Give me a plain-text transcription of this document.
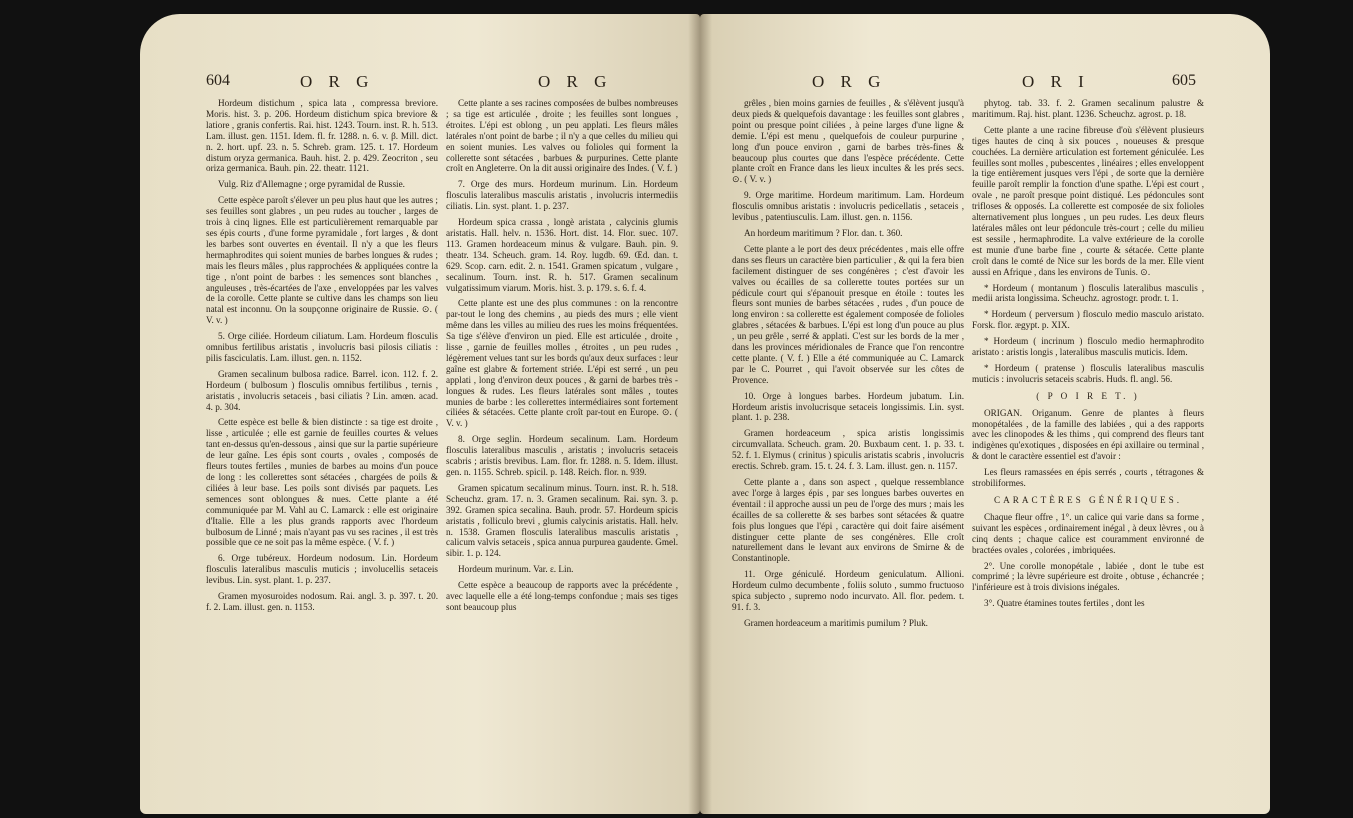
604	O R G	O R G

Hordeum distichum , spica lata , compressa breviore. Moris. hist. 3. p. 206. Hordeum distichum spica breviore & latiore , granis confertis. Rai. hist. 1243. Tourn. inst. R. h. 513. Lam. illust. gen. 1151. Idem. fl. fr. 1288. n. 6. v. β. Mill. dict. n. 2. hort. upf. 23. n. 5. Schreb. gram. 125. t. 17. Hordeum distum oryza germanica. Bauh. hist. 2. p. 429. Zeocriton , seu oriza germanica. Bauh. pin. 22. theatr. 1121.

Vulg. Riz d'Allemagne ; orge pyramidal de Russie.

Cette espèce paroît s'élever un peu plus haut que les autres ; ses feuilles sont glabres , un peu rudes au toucher , larges de trois à cinq lignes. Elle est particulièrement remarquable par ses épis courts , d'une forme pyramidale , fort larges , & dont les barbes sont ouvertes en éventail. Il n'y a que les fleurs hermaphrodites qui soient munies de barbes longues & rudes ; mais les fleurs mâles , plus rapprochées & appliquées contre la tige , n'ont point de barbes : les semences sont blanches , anguleuses , très-écartées de l'axe , enveloppées par les valves de la corolle. Cette plante se cultive dans les champs son lieu natal est inconnu. On la soupçonne originaire de Russie. ⊙. ( V. v. )

5. Orge ciliée. Hordeum ciliatum. Lam. Hordeum flosculis omnibus fertilibus aristatis , involucris basi pilosis ciliatis : pilis fasciculatis. Lam. illust. gen. n. 1152.

Gramen secalinum bulbosa radice. Barrel. icon. 112. f. 2. Hordeum ( bulbosum ) flosculis omnibus fertilibus , ternis , aristatis , involucris setaceis , basi ciliatis ? Lin. amœn. acad. 4. p. 304.

Cette espèce est belle & bien distincte : sa tige est droite , lisse , articulée ; elle est garnie de feuilles courtes & velues tant en-dessus qu'en-dessous , ainsi que sur la partie supérieure de leur gaîne. Les épis sont courts , ovales , composés de fleurs toutes fertiles , munies de barbes au moins d'un pouce de long : les collerettes sont sétacées , chargées de poils & ciliées à leur base. Les poils sont divisés par paquets. Les semences sont oblongues & nues. Cette plante a été communiquée par M. Vahl au C. Lamarck : elle est originaire d'Italie. Elle a les plus grands rapports avec l'hordeum bulbosum de Linné ; mais n'ayant pas vu ses racines , il est très possible que ce ne soit pas la même espèce. ( V. f. )

6. Orge tubéreux. Hordeum nodosum. Lin. Hordeum flosculis lateralibus masculis muticis ; involucellis setaceis levibus. Lin. syst. plant. 1. p. 237.

Gramen myosuroides nodosum. Rai. angl. 3. p. 397. t. 20. f. 2. Lam. illust. gen. n. 1153.

Cette plante a ses racines composées de bulbes nombreuses ; sa tige est articulée , droite ; les feuilles sont longues , étroites. L'épi est oblong , un peu applati. Les fleurs mâles latérales n'ont point de barbe ; il n'y a que celles du milieu qui en soient munies. Les valves ou folioles qui forment la collerette sont sétacées , barbues & purpurines. Cette plante croît en Angleterre. On la dit aussi originaire des Indes. ( V. f. )

7. Orge des murs. Hordeum murinum. Lin. Hordeum flosculis lateralibus masculis aristatis , involucris intermediis ciliatis. Lin. syst. plant. 1. p. 237.

Hordeum spica crassa , longè aristata , calycinis glumis aristatis. Hall. helv. n. 1536. Hort. dist. 14. Flor. suec. 107. 113. Gramen hordeaceum minus & vulgare. Bauh. pin. 9. theatr. 134. Scheuch. gram. 14. Roy. lugdb. 69. Œd. dan. t. 629. Scop. carn. edit. 2. n. 1541. Gramen spicatum , vulgare , secalinum. Tourn. inst. R. h. 517. Gramen secalinum vulgatissimum viarum. Moris. hist. 3. p. 179. s. 6. f. 4.

Cette plante est une des plus communes : on la rencontre par-tout le long des chemins , au pieds des murs ; elle vient même dans les villes au milieu des rues les moins fréquentées. Sa tige s'élève d'environ un pied. Elle est articulée , droite , lisse , garnie de feuilles molles , étroites , un peu rudes , légèrement velues tant sur les bords qu'aux deux surfaces : leur gaîne est glabre & fortement striée. L'épi est serré , un peu applati , long d'environ deux pouces , & garni de barbes très - longues & rudes. Les fleurs latérales sont mâles , toutes munies de barbe : les collerettes intermédiaires sont fortement ciliées & sétacées. Cette plante croît par-tout en Europe. ⊙. ( V. v. )

8. Orge seglin. Hordeum secalinum. Lam. Hordeum flosculis lateralibus masculis , aristatis ; involucris setaceis scabris ; aristis brevibus. Lam. flor. fr. 1288. n. 5. Idem. illust. gen. n. 1155. Schreb. spicil. p. 148. Reich. flor. n. 939.

Gramen spicatum secalinum minus. Tourn. inst. R. h. 518. Scheuchz. gram. 17. n. 3. Gramen secalinum. Rai. syn. 3. p. 392. Gramen spica secalina. Bauh. prodr. 57. Hordeum spicis aristatis , folliculo brevi , glumis calycinis aristatis. Hall. helv. n. 1538. Gramen flosculis lateralibus masculis aristatis , calicum valvis setaceis , spica annua purpurea gaudente. Gmel. sibir. 1. p. 124.

Hordeum murinum. Var. ε. Lin.

Cette espèce a beaucoup de rapports avec la précédente , avec laquelle elle a été long-temps confondue ; mais ses tiges sont beaucoup plus

O R G	O R I	605

grêles , bien moins garnies de feuilles , & s'élèvent jusqu'à deux pieds & quelquefois davantage : les feuilles sont glabres , point ou presque point ciliées , à peine larges d'une ligne & demie. L'épi est menu , quelquefois de couleur purpurine , long d'un pouce environ , garni de barbes très-fines & beaucoup plus courtes que dans l'espèce précédente. Cette plante croît en France dans les lieux incultes & les prés secs. ⊙. ( V. v. )

9. Orge maritime. Hordeum maritimum. Lam. Hordeum flosculis omnibus aristatis : involucris pedicellatis , setaceis , levibus , patentiusculis. Lam. illust. gen. n. 1156.

An hordeum maritimum ? Flor. dan. t. 360.

Cette plante a le port des deux précédentes , mais elle offre dans ses fleurs un caractère bien particulier , & qui la fera bien facilement distinguer de ses congénères ; c'est d'avoir les valves ou écailles de sa collerette toutes portées sur un pédicule court qui s'épanouit presque en étoile : toutes les fleurs sont munies de barbes sétacées , rudes , d'un pouce de long environ : sa collerette est également composée de folioles glabres , sétacées & barbues. L'épi est long d'un pouce au plus , un peu grêle , serré & applati. C'est sur les bords de la mer , dans les provinces méridionales de France que l'on rencontre cette plante. ( V. f. ) Elle a été communiquée au C. Lamarck par le C. Pourret , qui l'avoit observée sur les côtes de Provence.

10. Orge à longues barbes. Hordeum jubatum. Lin. Hordeum aristis involucrisque setaceis longissimis. Lin. syst. plant. 1. p. 238.

Gramen hordeaceum , spica aristis longissimis circumvallata. Scheuch. gram. 20. Buxbaum cent. 1. p. 33. t. 52. f. 1. Elymus ( crinitus ) spiculis aristatis scabris , involucris erectis. Schreb. gram. 15. t. 24. f. 3. Lam. illust. gen. n. 1157.

Cette plante a , dans son aspect , quelque ressemblance avec l'orge à larges épis , par ses longues barbes ouvertes en éventail : il approche aussi un peu de l'orge des murs ; mais les écailles de sa collerette & ses barbes sont sétacées & quatre fois plus longues que l'épi , caractère qui doit faire aisément distinguer cette plante de ses congénères. Elle croît naturellement dans le levant aux environs de Smirne & de Constantinople.

11. Orge géniculé. Hordeum geniculatum. Allioni. Hordeum culmo decumbente , foliis soluto , summo fructuoso spica subjecto , supremo nodo incurvato. All. flor. pedem. t. 91. f. 3.

Gramen hordeaceum a maritimis pumilum ? Pluk.

phytog. tab. 33. f. 2. Gramen secalinum palustre & maritimum. Raj. hist. plant. 1236. Scheuchz. agrost. p. 18.

Cette plante a une racine fibreuse d'où s'élèvent plusieurs tiges hautes de cinq à six pouces , noueuses & presque couchées. La dernière articulation est fortement géniculée. Les feuilles sont molles , pubescentes , linéaires ; elles enveloppent la tige entièrement jusques vers l'épi , de sorte que la dernière feuille paroît remplir la fonction d'une spathe. L'épi est court , ovale , ne paroît presque point distiqué. Les pédoncules sont trifloses & opposés. La collerette est composée de six folioles alternativement plus longues , un peu rudes. Les deux fleurs latérales mâles ont leur pédoncule très-court ; celle du milieu est sessile , hermaphrodite. La valve extérieure de la corolle est munie d'une barbe fine , courte & sétacée. Cette plante croît dans le comté de Nice sur les bords de la mer. Elle vient aussi en Afrique , dans les environs de Tunis. ⊙.

* Hordeum ( montanum ) flosculis lateralibus masculis , medii arista longissima. Scheuchz. agrostogr. prodr. t. 1.

* Hordeum ( perversum ) flosculo medio masculo aristato. Forsk. flor. ægypt. p. XIX.

* Hordeum ( incrinum ) flosculo medio hermaphrodito aristato : aristis longis , lateralibus masculis muticis. Idem.

* Hordeum ( pratense ) flosculis lateralibus masculis muticis : involucris setaceis scabris. Huds. fl. angl. 56.

( P O I R E T. )

ORIGAN. Origanum. Genre de plantes à fleurs monopétalées , de la famille des labiées , qui a des rapports avec les clinopodes & les thims , qui comprend des fleurs tant indigènes qu'exotiques , disposées en épi axillaire ou terminal , & dont le caractère essentiel est d'avoir :

Les fleurs ramassées en épis serrés , courts , tétragones & strobiliformes.

CARACTÈRES GÉNÉRIQUES.

Chaque fleur offre , 1°. un calice qui varie dans sa forme , suivant les espèces , ordinairement inégal , à deux lèvres , ou à cinq dents ; chaque calice est couramment environné de bractées ovales , colorées , imbriquées.

2°. Une corolle monopétale , labiée , dont le tube est comprimé ; la lèvre supérieure est droite , obtuse , échancrée ; l'inférieure est à trois divisions inégales.

3°. Quatre étamines toutes fertiles , dont les
